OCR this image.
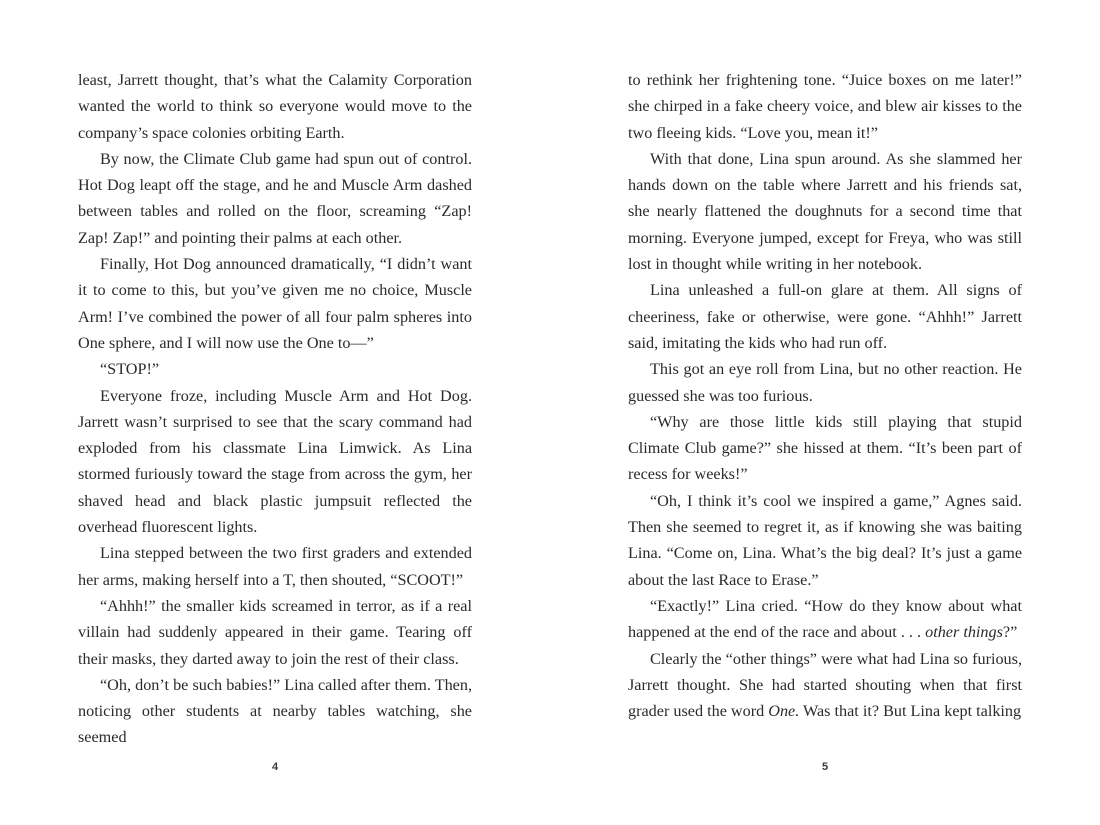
least, Jarrett thought, that’s what the Calamity Corporation wanted the world to think so everyone would move to the company’s space colonies orbiting Earth.

By now, the Climate Club game had spun out of control. Hot Dog leapt off the stage, and he and Muscle Arm dashed between tables and rolled on the floor, screaming “Zap! Zap! Zap!” and pointing their palms at each other.

Finally, Hot Dog announced dramatically, “I didn’t want it to come to this, but you’ve given me no choice, Muscle Arm! I’ve combined the power of all four palm spheres into One sphere, and I will now use the One to—”

“STOP!”

Everyone froze, including Muscle Arm and Hot Dog. Jarrett wasn’t surprised to see that the scary command had exploded from his classmate Lina Limwick. As Lina stormed furiously toward the stage from across the gym, her shaved head and black plastic jumpsuit reflected the overhead fluorescent lights.

Lina stepped between the two first graders and extended her arms, making herself into a T, then shouted, “SCOOT!”

“Ahhh!” the smaller kids screamed in terror, as if a real villain had suddenly appeared in their game. Tearing off their masks, they darted away to join the rest of their class.

“Oh, don’t be such babies!” Lina called after them. Then, noticing other students at nearby tables watching, she seemed

4

to rethink her frightening tone. “Juice boxes on me later!” she chirped in a fake cheery voice, and blew air kisses to the two fleeing kids. “Love you, mean it!”

With that done, Lina spun around. As she slammed her hands down on the table where Jarrett and his friends sat, she nearly flattened the doughnuts for a second time that morning. Everyone jumped, except for Freya, who was still lost in thought while writing in her notebook.

Lina unleashed a full-on glare at them. All signs of cheeriness, fake or otherwise, were gone. “Ahhh!” Jarrett said, imitating the kids who had run off.

This got an eye roll from Lina, but no other reaction. He guessed she was too furious.

“Why are those little kids still playing that stupid Climate Club game?” she hissed at them. “It’s been part of recess for weeks!”

“Oh, I think it’s cool we inspired a game,” Agnes said. Then she seemed to regret it, as if knowing she was baiting Lina. “Come on, Lina. What’s the big deal? It’s just a game about the last Race to Erase.”

“Exactly!” Lina cried. “How do they know about what happened at the end of the race and about . . . other things?”

Clearly the “other things” were what had Lina so furious, Jarrett thought. She had started shouting when that first grader used the word One. Was that it? But Lina kept talking

5
